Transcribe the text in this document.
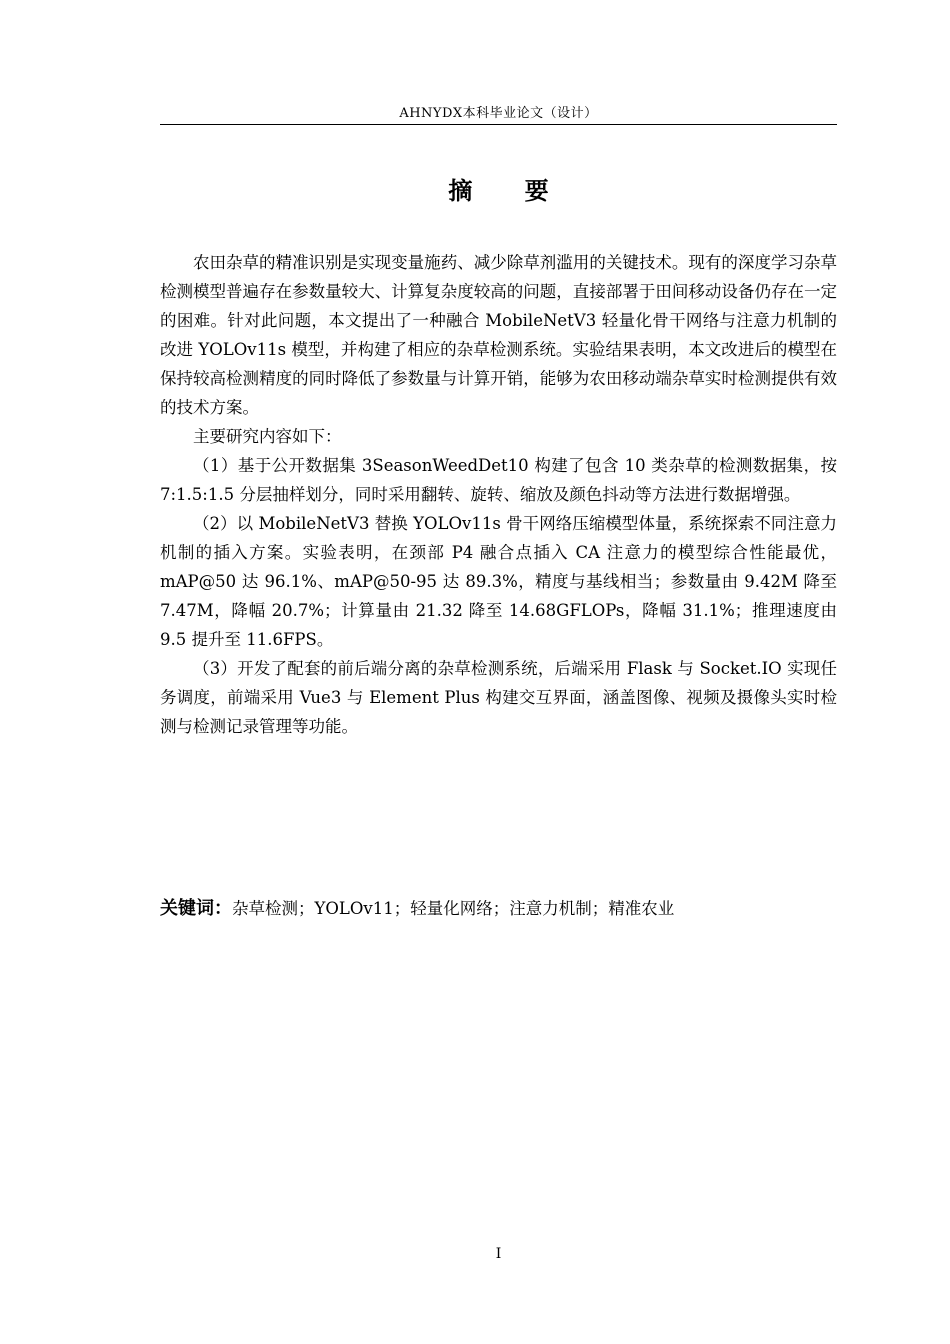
AHNYDX本科毕业论文（设计）
摘 要

农田杂草的精准识别是实现变量施药、减少除草剂滥用的关键技术。现有的深度学习杂草检测模型普遍存在参数量较大、计算复杂度较高的问题，直接部署于田间移动设备仍存在一定的困难。针对此问题，本文提出了一种融合 MobileNetV3 轻量化骨干网络与注意力机制的改进 YOLOv11s 模型，并构建了相应的杂草检测系统。实验结果表明，本文改进后的模型在保持较高检测精度的同时降低了参数量与计算开销，能够为农田移动端杂草实时检测提供有效的技术方案。

主要研究内容如下：

（1）基于公开数据集 3SeasonWeedDet10 构建了包含 10 类杂草的检测数据集，按 7:1.5:1.5 分层抽样划分，同时采用翻转、旋转、缩放及颜色抖动等方法进行数据增强。

（2）以 MobileNetV3 替换 YOLOv11s 骨干网络压缩模型体量，系统探索不同注意力机制的插入方案。实验表明，在颈部 P4 融合点插入 CA 注意力的模型综合性能最优，mAP@50 达 96.1%、mAP@50-95 达 89.3%，精度与基线相当；参数量由 9.42M 降至 7.47M，降幅 20.7%；计算量由 21.32 降至 14.68GFLOPs，降幅 31.1%；推理速度由 9.5 提升至 11.6FPS。

（3）开发了配套的前后端分离的杂草检测系统，后端采用 Flask 与 Socket.IO 实现任务调度，前端采用 Vue3 与 Element Plus 构建交互界面，涵盖图像、视频及摄像头实时检测与检测记录管理等功能。

关键词：杂草检测；YOLOv11；轻量化网络；注意力机制；精准农业
I
